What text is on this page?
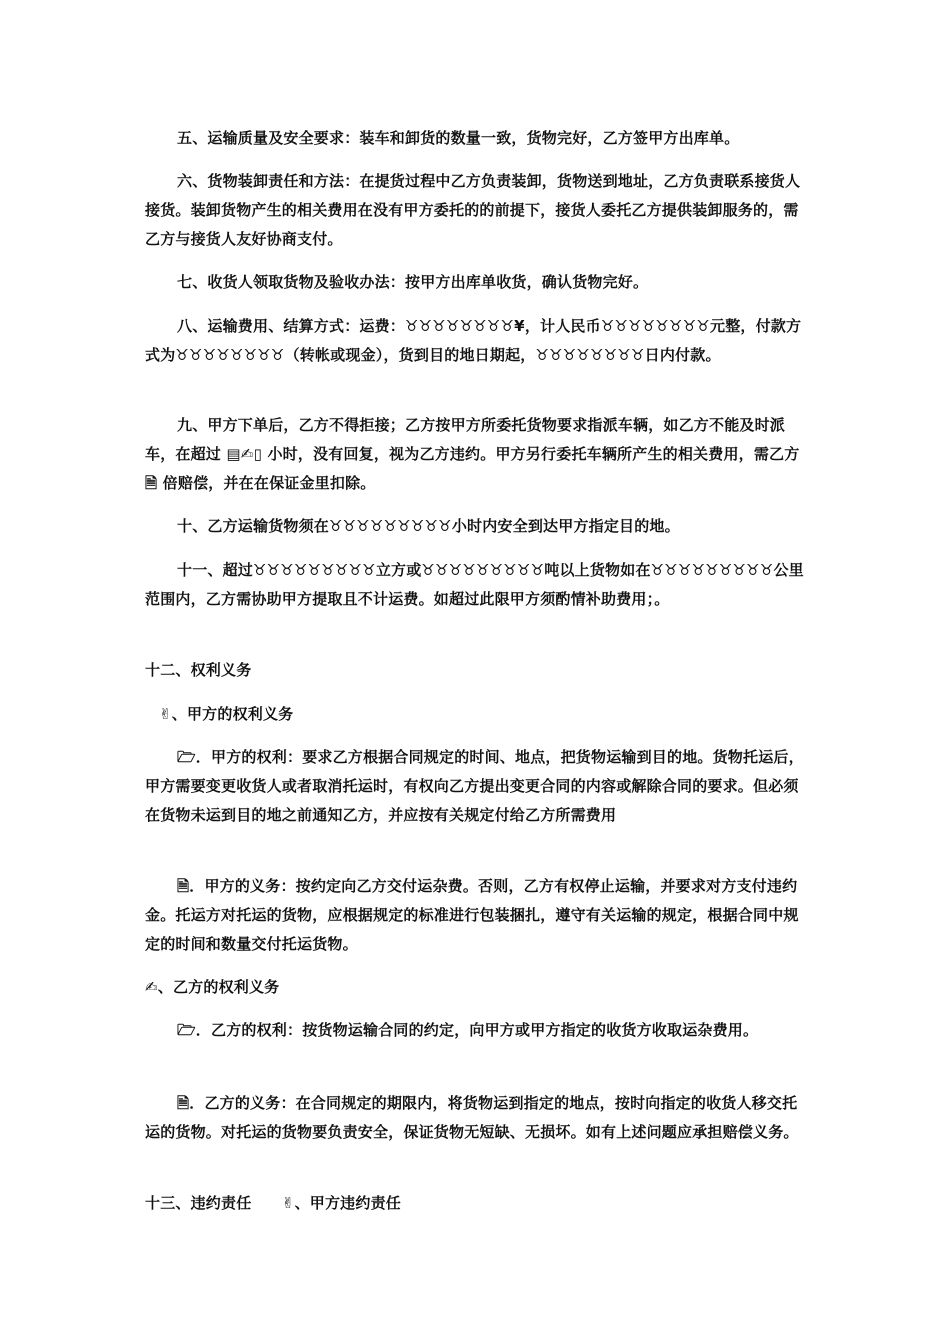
五、运输质量及安全要求：装车和卸货的数量一致，货物完好，乙方签甲方出库单。
六、货物装卸责任和方法：在提货过程中乙方负责装卸，货物送到地址，乙方负责联系接货人接货。装卸货物产生的相关费用在没有甲方委托的的前提下，接货人委托乙方提供装卸服务的，需乙方与接货人友好协商支付。
七、收货人领取货物及验收办法：按甲方出库单收货，确认货物完好。
八、运输费用、结算方式：运费：♉♉♉♉♉♉♉♉¥，计人民币♉♉♉♉♉♉♉♉元整，付款方式为♉♉♉♉♉♉♉♉（转帐或现金），货到目的地日期起，♉♉♉♉♉♉♉♉日内付款。
九、甲方下单后，乙方不得拒接；乙方按甲方所委托货物要求指派车辆，如乙方不能及时派车，在超过 ▤✍▯ 小时，没有回复，视为乙方违约。甲方另行委托车辆所产生的相关费用，需乙方 🗎 倍赔偿，并在在保证金里扣除。
十、乙方运输货物须在♉♉♉♉♉♉♉♉♉小时内安全到达甲方指定目的地。
十一、超过♉♉♉♉♉♉♉♉♉立方或♉♉♉♉♉♉♉♉♉吨以上货物如在♉♉♉♉♉♉♉♉♉公里范围内，乙方需协助甲方提取且不计运费。如超过此限甲方须酌情补助费用；。
十二、权利义务
✌、甲方的权利义务
🗁．甲方的权利：要求乙方根据合同规定的时间、地点，把货物运输到目的地。货物托运后，甲方需要变更收货人或者取消托运时，有权向乙方提出变更合同的内容或解除合同的要求。但必须在货物未运到目的地之前通知乙方，并应按有关规定付给乙方所需费用
🗎．甲方的义务：按约定向乙方交付运杂费。否则，乙方有权停止运输，并要求对方支付违约金。托运方对托运的货物，应根据规定的标准进行包装捆扎，遵守有关运输的规定，根据合同中规定的时间和数量交付托运货物。
✍、乙方的权利义务
🗁．乙方的权利：按货物运输合同的约定，向甲方或甲方指定的收货方收取运杂费用。
🗎．乙方的义务：在合同规定的期限内，将货物运到指定的地点，按时向指定的收货人移交托运的货物。对托运的货物要负责安全，保证货物无短缺、无损坏。如有上述问题应承担赔偿义务。
十三、违约责任　　✌、甲方违约责任
